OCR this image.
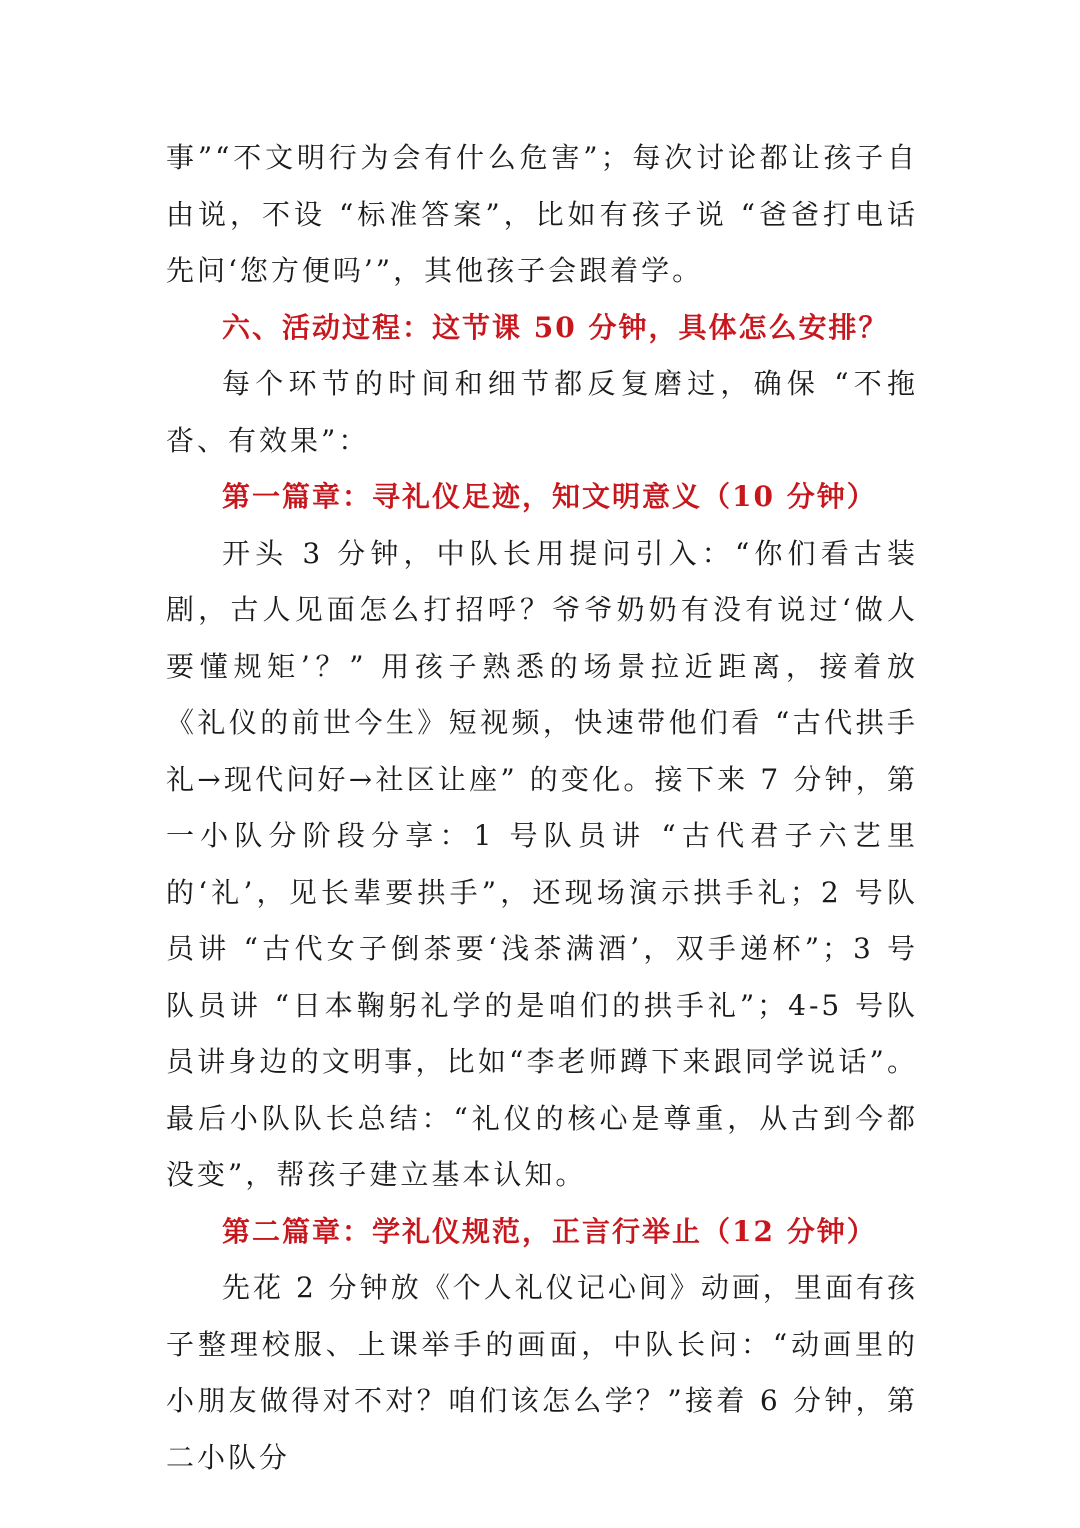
事”“不文明行为会有什么危害”；每次讨论都让孩子自由说，不设 “标准答案”，比如有孩子说 “爸爸打电话先问‘您方便吗’”，其他孩子会跟着学。

六、活动过程：这节课 50 分钟，具体怎么安排？

每个环节的时间和细节都反复磨过，确保 “不拖沓、有效果”：

第一篇章：寻礼仪足迹，知文明意义（10 分钟）

开头 3 分钟，中队长用提问引入：“你们看古装剧，古人见面怎么打招呼？爷爷奶奶有没有说过‘做人要懂规矩’？” 用孩子熟悉的场景拉近距离，接着放《礼仪的前世今生》短视频，快速带他们看 “古代拱手礼→现代问好→社区让座” 的变化。接下来 7 分钟，第一小队分阶段分享：1 号队员讲 “古代君子六艺里的‘礼’，见长辈要拱手”，还现场演示拱手礼；2 号队员讲 “古代女子倒茶要‘浅茶满酒’，双手递杯”；3 号队员讲 “日本鞠躬礼学的是咱们的拱手礼”；4-5 号队员讲身边的文明事，比如“李老师蹲下来跟同学说话”。最后小队队长总结：“礼仪的核心是尊重，从古到今都没变”，帮孩子建立基本认知。

第二篇章：学礼仪规范，正言行举止（12 分钟）

先花 2 分钟放《个人礼仪记心间》动画，里面有孩子整理校服、上课举手的画面，中队长问：“动画里的小朋友做得对不对？咱们该怎么学？”接着 6 分钟，第二小队分
